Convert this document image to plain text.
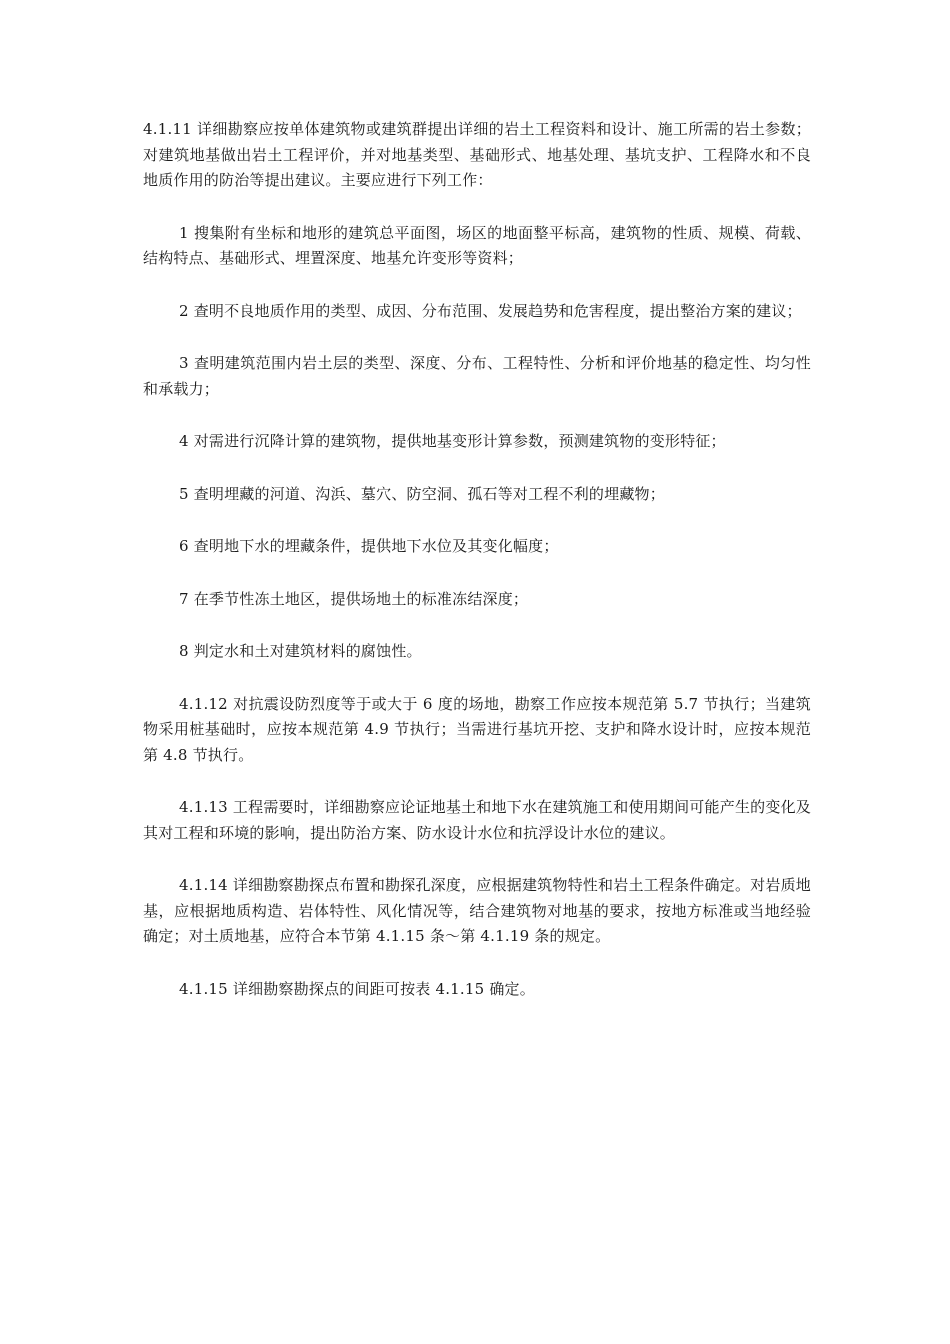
4.1.11 详细勘察应按单体建筑物或建筑群提出详细的岩土工程资料和设计、施工所需的岩土参数；对建筑地基做出岩土工程评价，并对地基类型、基础形式、地基处理、基坑支护、工程降水和不良地质作用的防治等提出建议。主要应进行下列工作：

1 搜集附有坐标和地形的建筑总平面图，场区的地面整平标高，建筑物的性质、规模、荷载、结构特点、基础形式、埋置深度、地基允许变形等资料；

2 查明不良地质作用的类型、成因、分布范围、发展趋势和危害程度，提出整治方案的建议；

3 查明建筑范围内岩土层的类型、深度、分布、工程特性、分析和评价地基的稳定性、均匀性和承载力；

4 对需进行沉降计算的建筑物，提供地基变形计算参数，预测建筑物的变形特征；

5 查明埋藏的河道、沟浜、墓穴、防空洞、孤石等对工程不利的埋藏物；

6 查明地下水的埋藏条件，提供地下水位及其变化幅度；

7 在季节性冻土地区，提供场地土的标准冻结深度；

8 判定水和土对建筑材料的腐蚀性。

4.1.12 对抗震设防烈度等于或大于 6 度的场地，勘察工作应按本规范第 5.7 节执行；当建筑物采用桩基础时，应按本规范第 4.9 节执行；当需进行基坑开挖、支护和降水设计时，应按本规范第 4.8 节执行。

4.1.13 工程需要时，详细勘察应论证地基土和地下水在建筑施工和使用期间可能产生的变化及其对工程和环境的影响，提出防治方案、防水设计水位和抗浮设计水位的建议。

4.1.14 详细勘察勘探点布置和勘探孔深度，应根据建筑物特性和岩土工程条件确定。对岩质地基，应根据地质构造、岩体特性、风化情况等，结合建筑物对地基的要求，按地方标准或当地经验确定；对土质地基，应符合本节第 4.1.15 条～第 4.1.19 条的规定。

4.1.15 详细勘察勘探点的间距可按表 4.1.15 确定。
